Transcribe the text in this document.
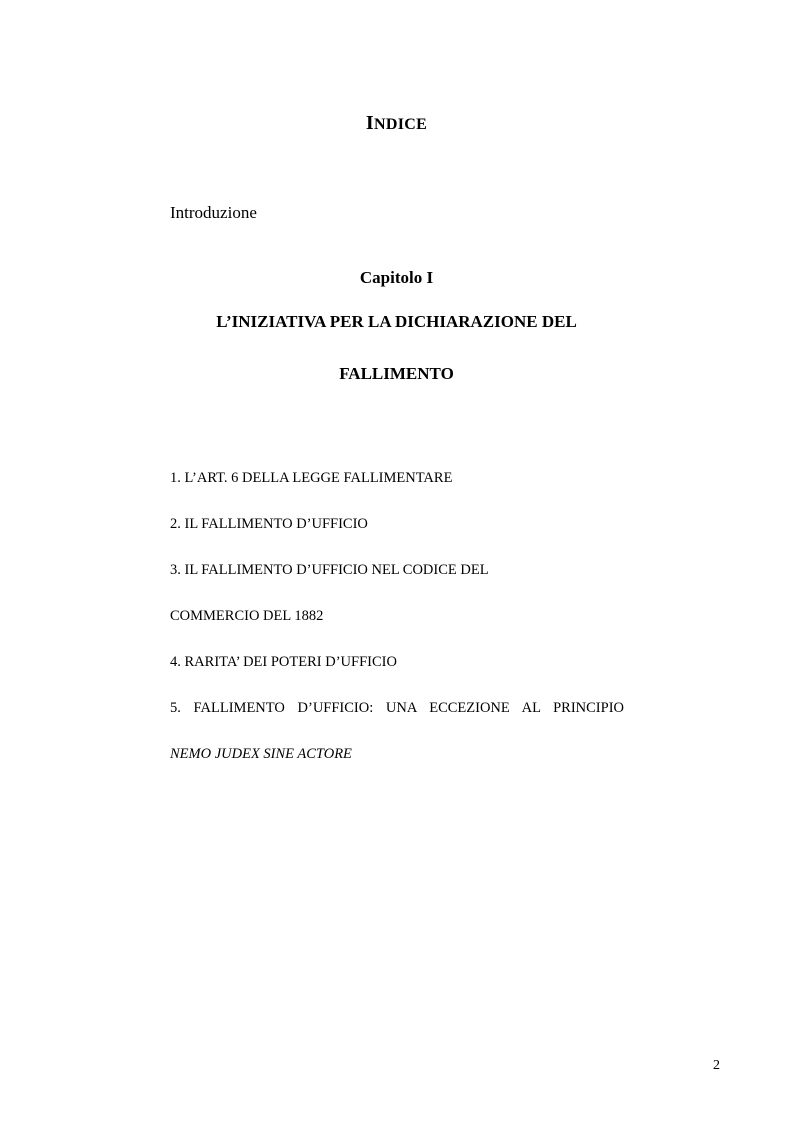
INDICE
Introduzione
Capitolo I
L’INIZIATIVA PER LA DICHIARAZIONE DEL
FALLIMENTO
1. L’ART. 6 DELLA LEGGE FALLIMENTARE
2. IL FALLIMENTO D’UFFICIO
3. IL FALLIMENTO D’UFFICIO NEL CODICE DEL
COMMERCIO DEL 1882
4. RARITA’ DEI POTERI D’UFFICIO
5. FALLIMENTO D’UFFICIO: UNA ECCEZIONE AL PRINCIPIO
NEMO JUDEX SINE ACTORE
2
